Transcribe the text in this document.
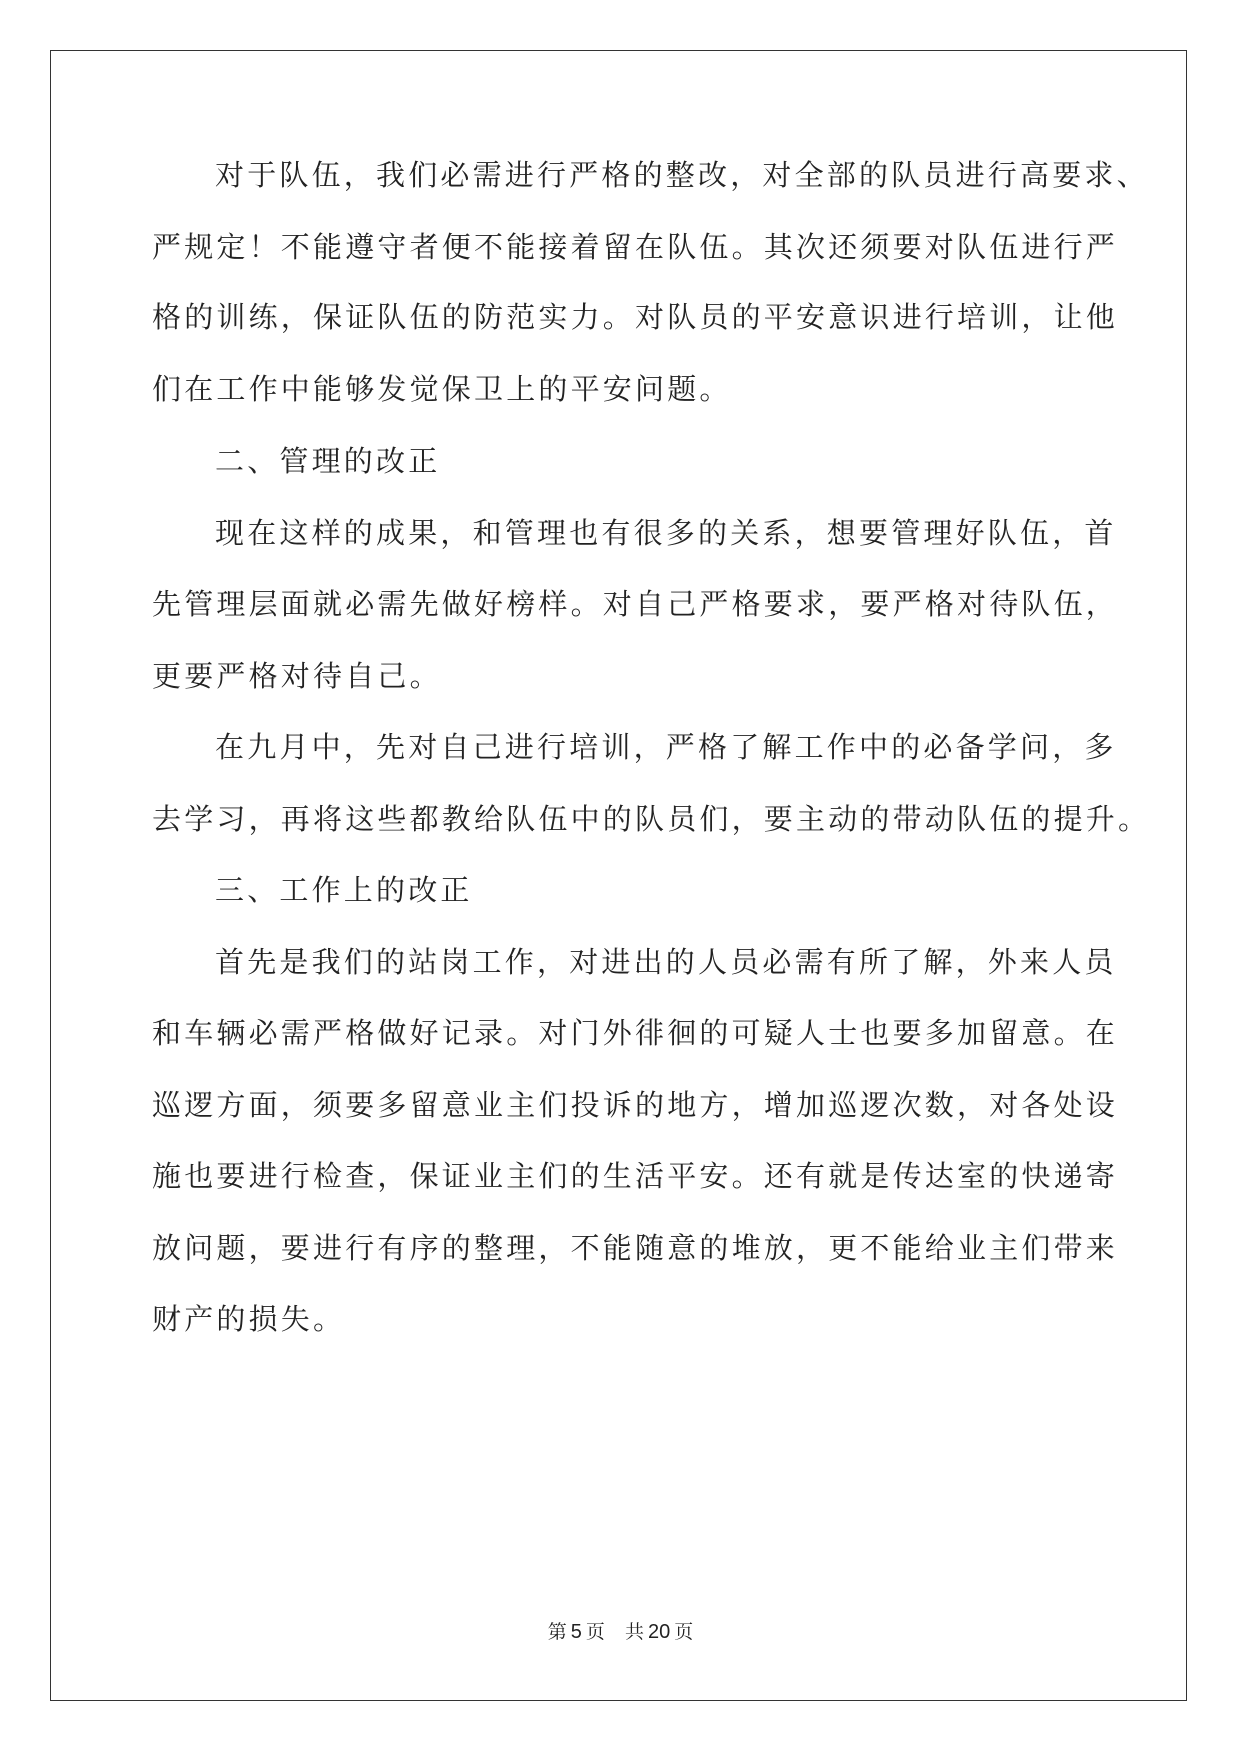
对于队伍，我们必需进行严格的整改，对全部的队员进行高要求、
严规定！不能遵守者便不能接着留在队伍。其次还须要对队伍进行严
格的训练，保证队伍的防范实力。对队员的平安意识进行培训，让他
们在工作中能够发觉保卫上的平安问题。
二、管理的改正
现在这样的成果，和管理也有很多的关系，想要管理好队伍，首
先管理层面就必需先做好榜样。对自己严格要求，要严格对待队伍，
更要严格对待自己。
在九月中，先对自己进行培训，严格了解工作中的必备学问，多
去学习，再将这些都教给队伍中的队员们，要主动的带动队伍的提升。
三、工作上的改正
首先是我们的站岗工作，对进出的人员必需有所了解，外来人员
和车辆必需严格做好记录。对门外徘徊的可疑人士也要多加留意。在
巡逻方面，须要多留意业主们投诉的地方，增加巡逻次数，对各处设
施也要进行检查，保证业主们的生活平安。还有就是传达室的快递寄
放问题，要进行有序的整理，不能随意的堆放，更不能给业主们带来
财产的损失。
第 5 页 共 20 页
